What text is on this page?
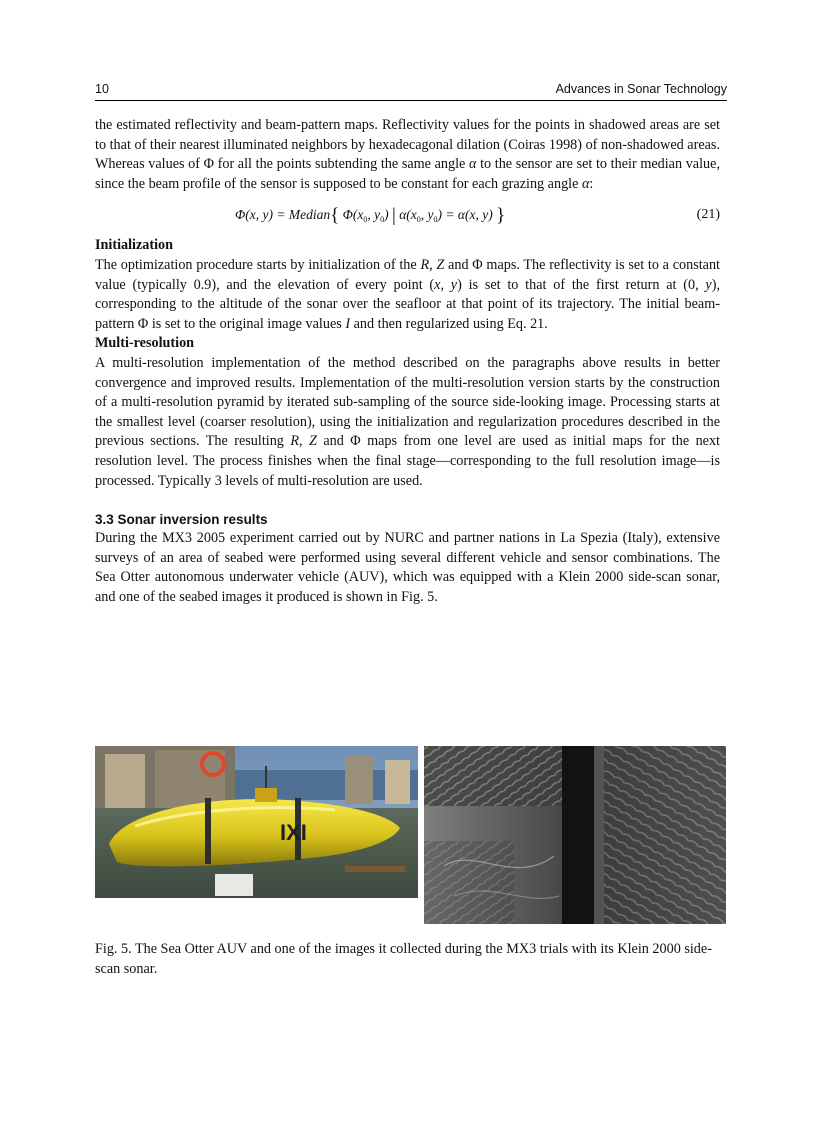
10	Advances in Sonar Technology

the estimated reflectivity and beam-pattern maps. Reflectivity values for the points in shadowed areas are set to that of their nearest illuminated neighbors by hexadecagonal dilation (Coiras 1998) of non-shadowed areas. Whereas values of Φ for all the points subtending the same angle α to the sensor are set to their median value, since the beam profile of the sensor is supposed to be constant for each grazing angle α:

Φ(x, y) = Median{ $\Phi(x_0$, $y_0$) | $\alpha(x_0$, $y_0) = \alpha(x$, y) }	(21)

Initialization
The optimization procedure starts by initialization of the R, Z and Φ maps. The reflectivity is set to a constant value (typically 0.9), and the elevation of every point (x, y) is set to that of the first return at (0, y), corresponding to the altitude of the sonar over the seafloor at that point of its trajectory. The initial beam-pattern Φ is set to the original image values I and then regularized using Eq. 21.

Multi-resolution
A multi-resolution implementation of the method described on the paragraphs above results in better convergence and improved results. Implementation of the multi-resolution version starts by the construction of a multi-resolution pyramid by iterated sub-sampling of the source side-looking image. Processing starts at the smallest level (coarser resolution), using the initialization and regularization procedures described in the previous sections. The resulting R, Z and Φ maps from one level are used as initial maps for the next resolution level. The process finishes when the final stage—corresponding to the full resolution image—is processed. Typically 3 levels of multi-resolution are used.

3.3 Sonar inversion results

During the MX3 2005 experiment carried out by NURC and partner nations in La Spezia (Italy), extensive surveys of an area of seabed were performed using several different vehicle and sensor combinations. The Sea Otter autonomous underwater vehicle (AUV), which was equipped with a Klein 2000 side-scan sonar, and one of the seabed images it produced is shown in Fig. 5.

IXI
Fig. 5. The Sea Otter AUV and one of the images it collected during the MX3 trials with its Klein 2000 side-scan sonar.
